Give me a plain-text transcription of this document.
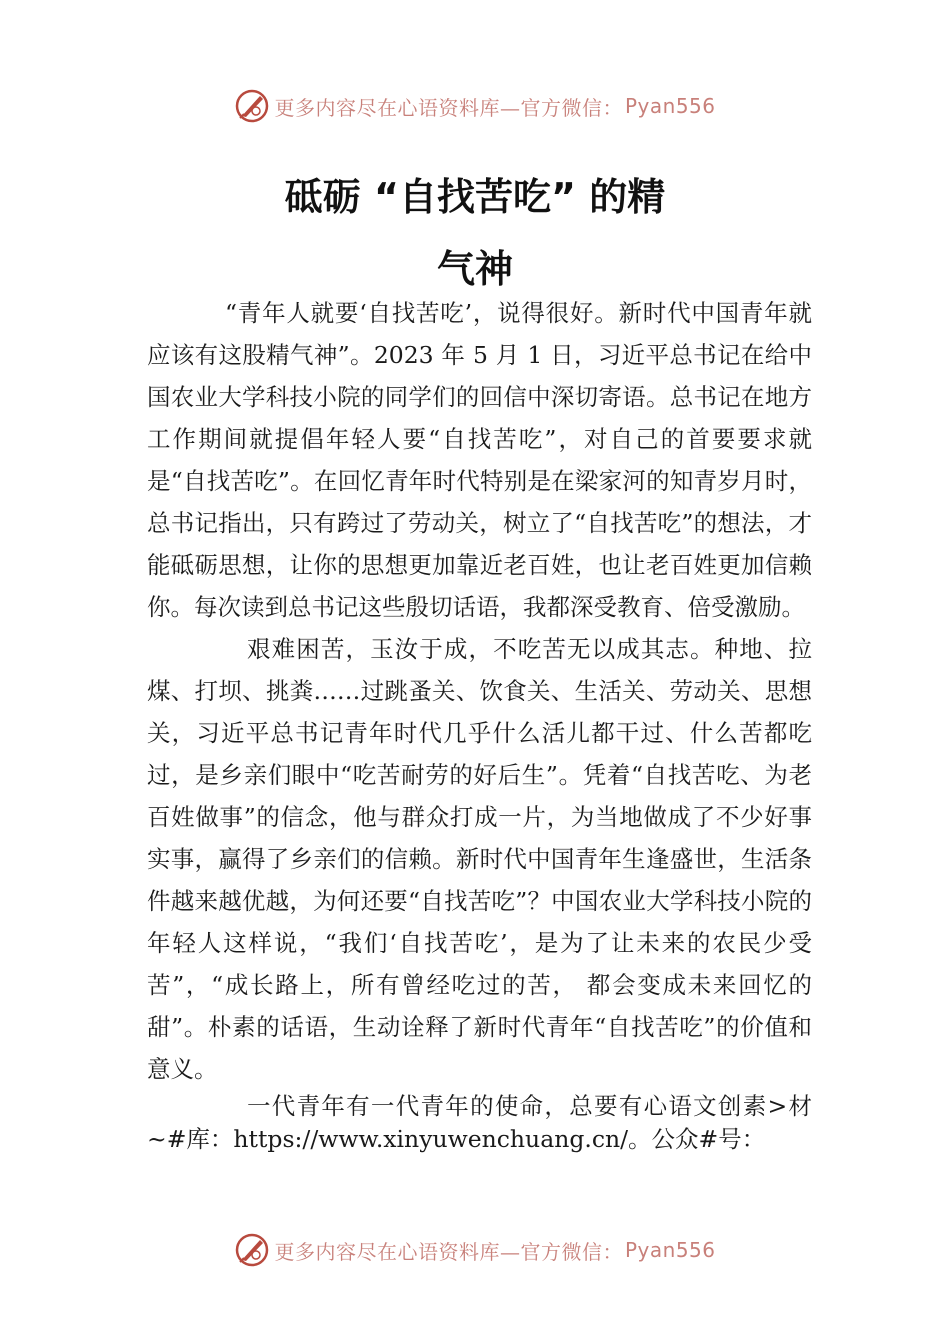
更多内容尽在心语资料库—官方微信： Pyan556
砥砺 “自找苦吃” 的精
气神

“青年人就要‘自找苦吃’，说得很好。新时代中国青年就应该有这股精气神”。2023 年 5 月 1 日，习近平总书记在给中国农业大学科技小院的同学们的回信中深切寄语。总书记在地方工作期间就提倡年轻人要“自找苦吃”，对自己的首要要求就是“自找苦吃”。在回忆青年时代特别是在梁家河的知青岁月时，总书记指出，只有跨过了劳动关，树立了“自找苦吃”的想法，才能砥砺思想，让你的思想更加靠近老百姓，也让老百姓更加信赖你。每次读到总书记这些殷切话语，我都深受教育、倍受激励。

艰难困苦，玉汝于成，不吃苦无以成其志。种地、拉煤、打坝、挑粪……过跳蚤关、饮食关、生活关、劳动关、思想关，习近平总书记青年时代几乎什么活儿都干过、什么苦都吃过，是乡亲们眼中“吃苦耐劳的好后生”。凭着“自找苦吃、为老百姓做事”的信念，他与群众打成一片，为当地做成了不少好事实事，赢得了乡亲们的信赖。新时代中国青年生逢盛世，生活条件越来越优越，为何还要“自找苦吃”？中国农业大学科技小院的年轻人这样说，“我们‘自找苦吃’，是为了让未来的农民少受苦”，“成长路上，所有曾经吃过的苦， 都会变成未来回忆的甜”。朴素的话语，生动诠释了新时代青年“自找苦吃”的价值和意义。

一代青年有一代青年的使命，总要有心语文创素>材~#库：https://www.xinyuwenchuang.cn/。公众#号：

更多内容尽在心语资料库—官方微信： Pyan556
